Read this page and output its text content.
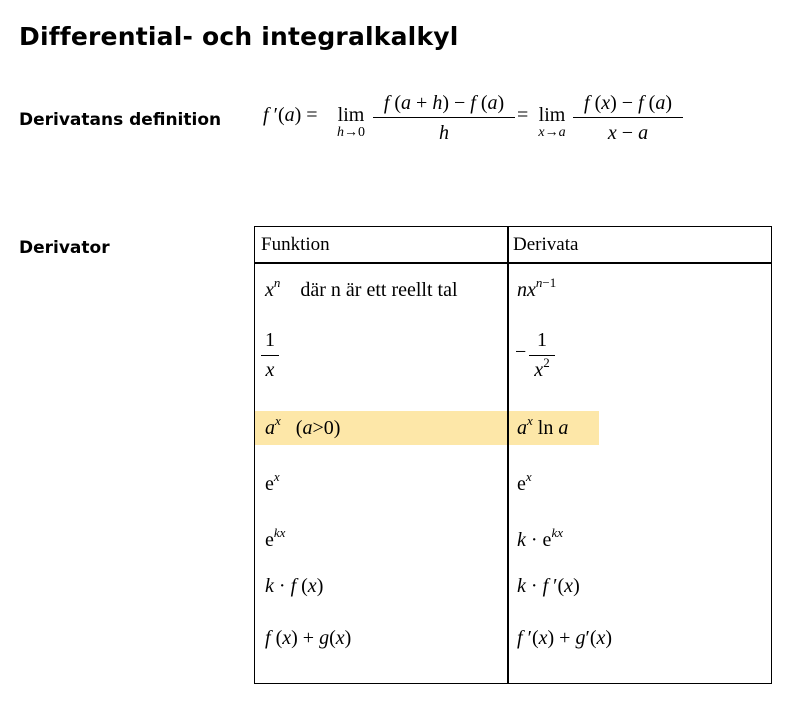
Differential- och integralkalkyl
Derivatans definition f ′(a) = lim
$h\to 0 \frac{f (a + h) - f (a)}{h} = \lim$
$x\to a \frac{f (x) - f (a)}{x - a}$
Derivator	Funktion	Derivata
$x^n$ där n är ett reellt tal	$nx^{n-1}$
$\frac{1}{x}$	− $\frac{1}{x^2}$
$a^x$ (a>0)	$a^x$ ln a
$e^x$	$e^x$
$e^{kx}$	$k \cdot e^{kx}$
k · f (x)	k · f ′(x)
f (x) + g(x)	f ′(x) + g′(x)
